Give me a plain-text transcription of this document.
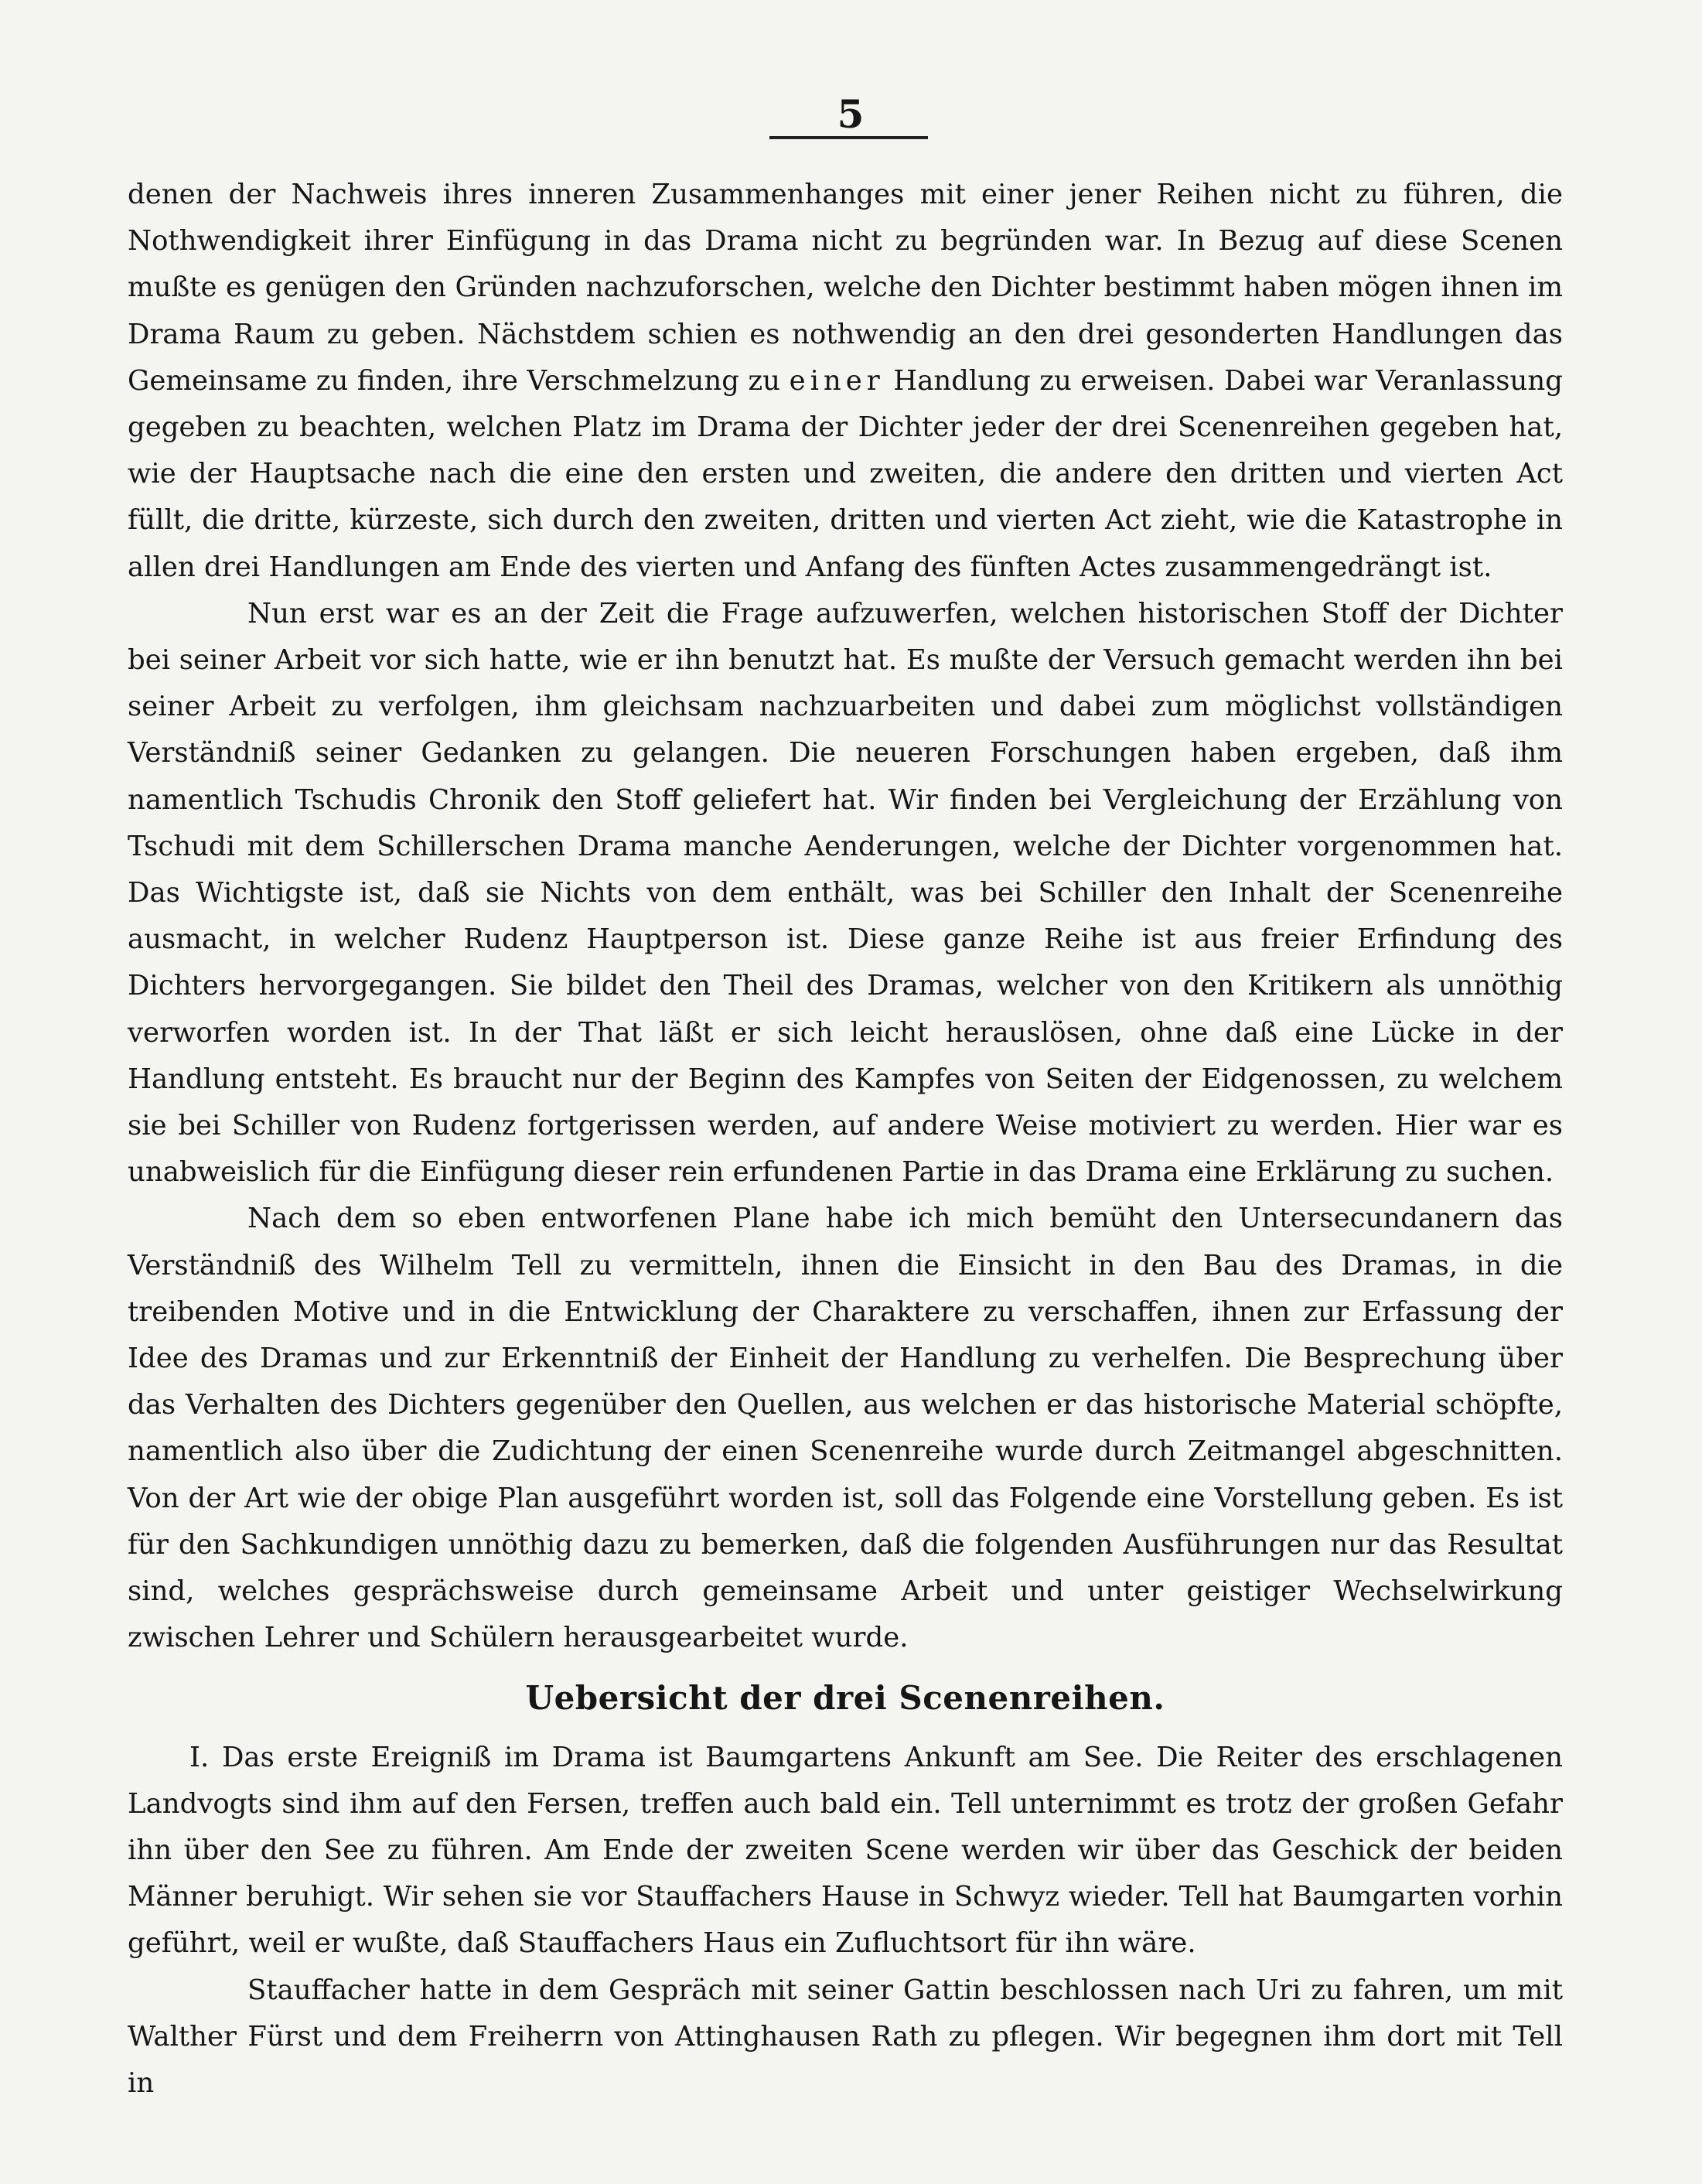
5

denen der Nachweis ihres inneren Zusammenhanges mit einer jener Reihen nicht zu führen, die Nothwendigkeit ihrer Einfügung in das Drama nicht zu begründen war. In Bezug auf diese Scenen mußte es genügen den Gründen nachzuforschen, welche den Dichter bestimmt haben mögen ihnen im Drama Raum zu geben. Nächstdem schien es nothwendig an den drei gesonderten Handlungen das Gemeinsame zu finden, ihre Verschmelzung zu einer Handlung zu erweisen. Dabei war Veranlassung gegeben zu beachten, welchen Platz im Drama der Dichter jeder der drei Scenenreihen gegeben hat, wie der Hauptsache nach die eine den ersten und zweiten, die andere den dritten und vierten Act füllt, die dritte, kürzeste, sich durch den zweiten, dritten und vierten Act zieht, wie die Katastrophe in allen drei Handlungen am Ende des vierten und Anfang des fünften Actes zusammengedrängt ist.

Nun erst war es an der Zeit die Frage aufzuwerfen, welchen historischen Stoff der Dichter bei seiner Arbeit vor sich hatte, wie er ihn benutzt hat. Es mußte der Versuch gemacht werden ihn bei seiner Arbeit zu verfolgen, ihm gleichsam nachzuarbeiten und dabei zum möglichst vollständigen Verständniß seiner Gedanken zu gelangen. Die neueren Forschungen haben ergeben, daß ihm namentlich Tschudis Chronik den Stoff geliefert hat. Wir finden bei Vergleichung der Erzählung von Tschudi mit dem Schillerschen Drama manche Aenderungen, welche der Dichter vorgenommen hat. Das Wichtigste ist, daß sie Nichts von dem enthält, was bei Schiller den Inhalt der Scenenreihe ausmacht, in welcher Rudenz Hauptperson ist. Diese ganze Reihe ist aus freier Erfindung des Dichters hervorgegangen. Sie bildet den Theil des Dramas, welcher von den Kritikern als unnöthig verworfen worden ist. In der That läßt er sich leicht herauslösen, ohne daß eine Lücke in der Handlung entsteht. Es braucht nur der Beginn des Kampfes von Seiten der Eidgenossen, zu welchem sie bei Schiller von Rudenz fortgerissen werden, auf andere Weise motiviert zu werden. Hier war es unabweislich für die Einfügung dieser rein erfundenen Partie in das Drama eine Erklärung zu suchen.

Nach dem so eben entworfenen Plane habe ich mich bemüht den Untersecundanern das Verständniß des Wilhelm Tell zu vermitteln, ihnen die Einsicht in den Bau des Dramas, in die treibenden Motive und in die Entwicklung der Charaktere zu verschaffen, ihnen zur Erfassung der Idee des Dramas und zur Erkenntniß der Einheit der Handlung zu verhelfen. Die Besprechung über das Verhalten des Dichters gegenüber den Quellen, aus welchen er das historische Material schöpfte, namentlich also über die Zudichtung der einen Scenenreihe wurde durch Zeitmangel abgeschnitten. Von der Art wie der obige Plan ausgeführt worden ist, soll das Folgende eine Vorstellung geben. Es ist für den Sachkundigen unnöthig dazu zu bemerken, daß die folgenden Ausführungen nur das Resultat sind, welches gesprächsweise durch gemeinsame Arbeit und unter geistiger Wechselwirkung zwischen Lehrer und Schülern herausgearbeitet wurde.

Uebersicht der drei Scenenreihen.

I. Das erste Ereigniß im Drama ist Baumgartens Ankunft am See. Die Reiter des erschlagenen Landvogts sind ihm auf den Fersen, treffen auch bald ein. Tell unternimmt es trotz der großen Gefahr ihn über den See zu führen. Am Ende der zweiten Scene werden wir über das Geschick der beiden Männer beruhigt. Wir sehen sie vor Stauffachers Hause in Schwyz wieder. Tell hat Baumgarten vorhin geführt, weil er wußte, daß Stauffachers Haus ein Zufluchtsort für ihn wäre.

Stauffacher hatte in dem Gespräch mit seiner Gattin beschlossen nach Uri zu fahren, um mit Walther Fürst und dem Freiherrn von Attinghausen Rath zu pflegen. Wir begegnen ihm dort mit Tell in
